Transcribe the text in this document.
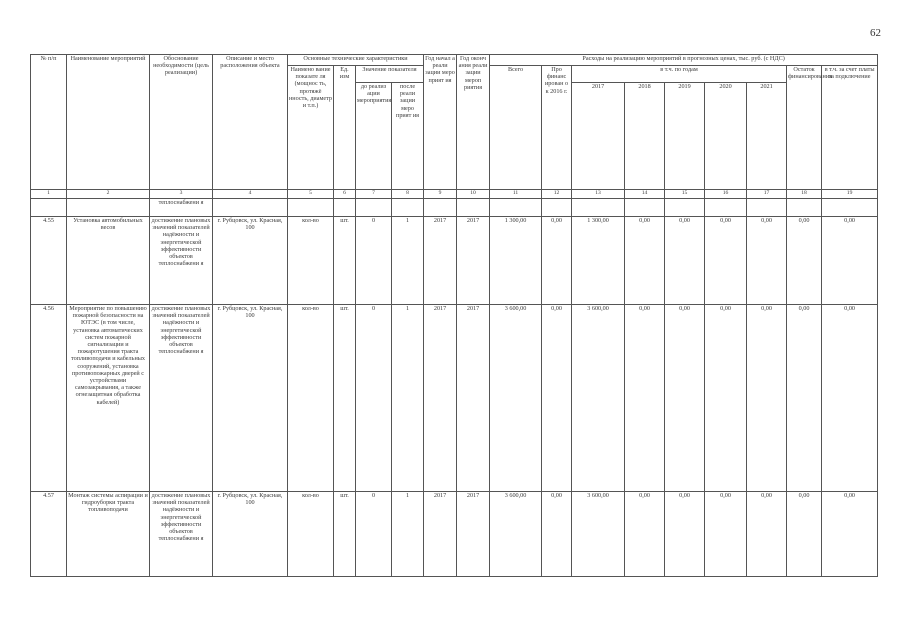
62
№ п/п	Наименование мероприятий	Обоснование необходимости (цель реализации)	Описание и место расположения объекта	Основные технические характеристики				Год начал а реали зации меро прият ия	Год оконч ания реали зации мероп риятия	Расходы на реализацию мероприятий в прогнозных ценах, тыс. руб. (с НДС)								
				Наимено вание показате ля (мощнос ть, протяжё нность, диаметр и т.п.)	Ед. изм	Значение показателя				Всего	Про финанс ирован о к 2016 г.	в т.ч. по годам					Остаток финансирования	в т.ч. за счет платы за подключение
						до реализ ации мероприятия	после реали зации меро прият ия					2017	2018	2019	2020	2021		
1	2	3	4	5	6	7	8	9	10	11	12	13	14	15	16	17	18	19
		теплоснабжени я																
4.55	Установка автомобильных весов	достижение плановых значений показателей надёжности и энергетической эффективности объектов теплоснабжени я	г. Рубцовск, ул. Красная, 100	кол-во	шт.	0	1	2017	2017	1 300,00	0,00	1 300,00	0,00	0,00	0,00	0,00	0,00	0,00
4.56	Мероприятие по повышению пожарной безопасности на ЮТЭС (в том числе, установка автоматических систем пожарной сигнализации и пожаротушения тракта топливоподачи и кабельных сооружений, установка противопожарных дверей с устройствами самозакрывания, а также огнезащитная обработка кабелей)	достижение плановых значений показателей надёжности и энергетической эффективности объектов теплоснабжени я	г. Рубцовск, ул. Красная, 100	кол-во	шт.	0	1	2017	2017	3 600,00	0,00	3 600,00	0,00	0,00	0,00	0,00	0,00	0,00
4.57	Монтаж системы аспирации и гидроуборки тракта топливоподачи	достижение плановых значений показателей надёжности и энергетической эффективности объектов теплоснабжени я	г. Рубцовск, ул. Красная, 100	кол-во	шт.	0	1	2017	2017	3 600,00	0,00	3 600,00	0,00	0,00	0,00	0,00	0,00	0,00
